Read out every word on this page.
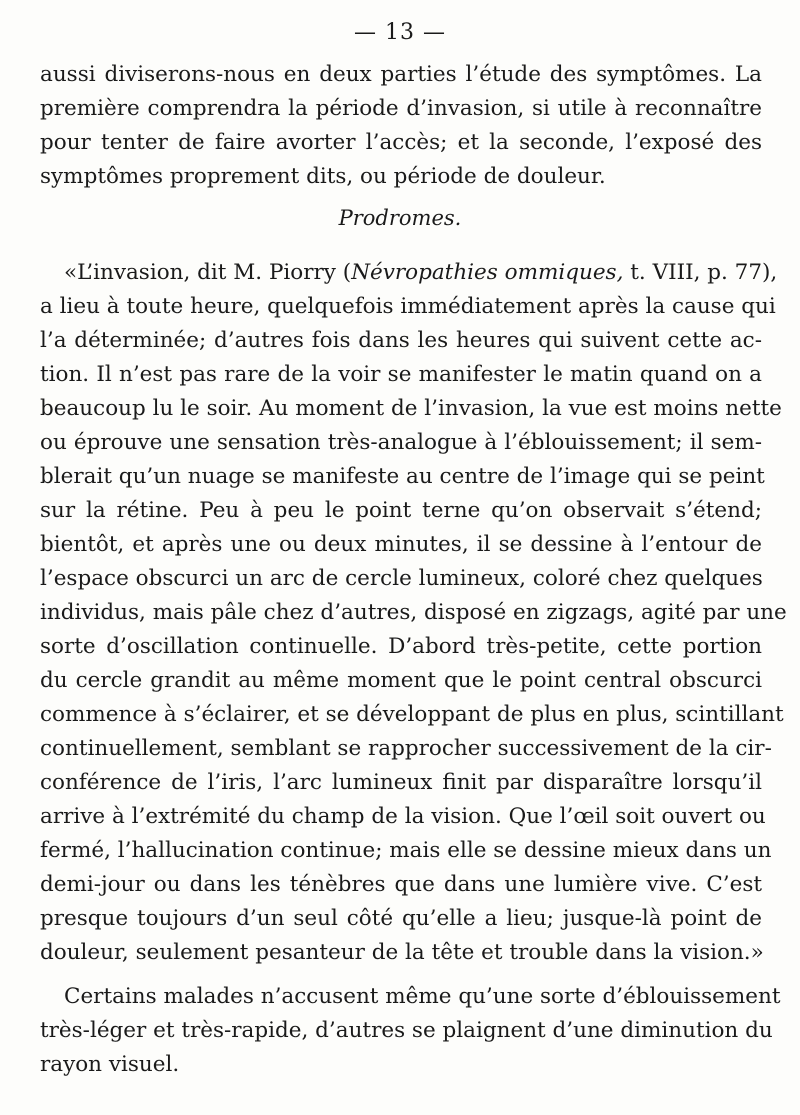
— 13 —
aussi diviserons-nous en deux parties l’étude des symptômes. La
première comprendra la période d’invasion, si utile à reconnaître
pour tenter de faire avorter l’accès; et la seconde, l’exposé des
symptômes proprement dits, ou période de douleur.
Prodromes.
«L’invasion, dit M. Piorry (Névropathies ommiques, t. VIII, p. 77),
a lieu à toute heure, quelquefois immédiatement après la cause qui
l’a déterminée; d’autres fois dans les heures qui suivent cette ac-
tion. Il n’est pas rare de la voir se manifester le matin quand on a
beaucoup lu le soir. Au moment de l’invasion, la vue est moins nette
ou éprouve une sensation très-analogue à l’éblouissement; il sem-
blerait qu’un nuage se manifeste au centre de l’image qui se peint
sur la rétine. Peu à peu le point terne qu’on observait s’étend;
bientôt, et après une ou deux minutes, il se dessine à l’entour de
l’espace obscurci un arc de cercle lumineux, coloré chez quelques
individus, mais pâle chez d’autres, disposé en zigzags, agité par une
sorte d’oscillation continuelle. D’abord très-petite, cette portion
du cercle grandit au même moment que le point central obscurci
commence à s’éclairer, et se développant de plus en plus, scintillant
continuellement, semblant se rapprocher successivement de la cir-
conférence de l’iris, l’arc lumineux finit par disparaître lorsqu’il
arrive à l’extrémité du champ de la vision. Que l’œil soit ouvert ou
fermé, l’hallucination continue; mais elle se dessine mieux dans un
demi-jour ou dans les ténèbres que dans une lumière vive. C’est
presque toujours d’un seul côté qu’elle a lieu; jusque-là point de
douleur, seulement pesanteur de la tête et trouble dans la vision.»
Certains malades n’accusent même qu’une sorte d’éblouissement
très-léger et très-rapide, d’autres se plaignent d’une diminution du
rayon visuel.
